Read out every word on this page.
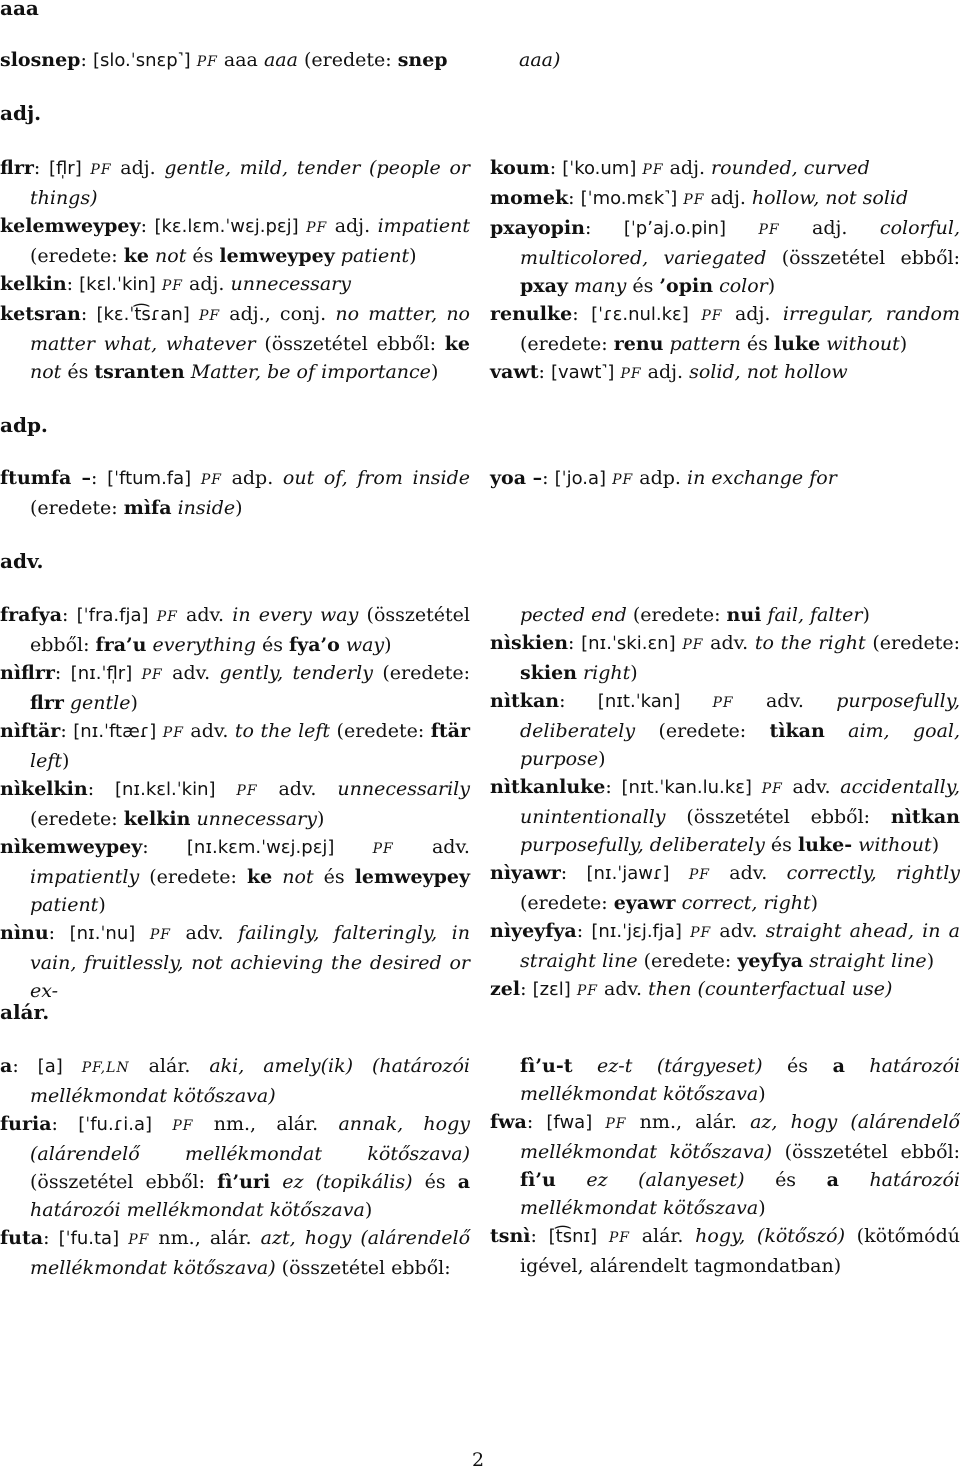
aaa
slosnep: [slo.ˈsnɛp˺] PF aaa aaa (eredete: snep	aaa)
adj.

flrr: [fl̩r] PF adj. gentle, mild, tender (people or things)

kelemweypey: [kɛ.lɛm.ˈwɛj.pɛj] PF adj. impatient (eredete: ke not és lemweypey patient)

kelkin: [kɛl.ˈkin] PF adj. unnecessary

ketsran: [kɛ.ˈt͡sɾan] PF adj., conj. no matter, no matter what, whatever (összetétel ebből: ke not és tsranten Matter, be of importance)

koum: [ˈko.um] PF adj. rounded, curved

momek: [ˈmo.mɛk˺] PF adj. hollow, not solid

pxayopin: [ˈpʼaj.o.pin] PF adj. colorful, multicolored, variegated (összetétel ebből: pxay many és ’opin color)

renulke: [ˈɾɛ.nul.kɛ] PF adj. irregular, random (eredete: renu pattern és luke without)

vawt: [vawt˺] PF adj. solid, not hollow

adp.

ftumfa –: [ˈftum.fa] PF adp. out of, from inside (eredete: mìfa inside)

yoa –: [ˈjo.a] PF adp. in exchange for

adv.

frafya: [ˈfra.fja] PF adv. in every way (összetétel ebből: fra’u everything és fya’o way)

nìflrr: [nɪ.ˈfl̩r] PF adv. gently, tenderly (eredete: flrr gentle)

nìftär: [nɪ.ˈftæɾ] PF adv. to the left (eredete: ftär left)

nìkelkin: [nɪ.kɛl.ˈkin] PF adv. unnecessarily (eredete: kelkin unnecessary)

nìkemweypey: [nɪ.kɛm.ˈwɛj.pɛj]	PF adv. impatiently (eredete: ke not és lemweypey patient)

nìnu: [nɪ.ˈnu] PF adv. failingly, falteringly, in vain, fruitlessly, not achieving the desired or ex-

pected end (eredete: nui fail, falter)

nìskien: [nɪ.ˈski.ɛn] PF adv. to the right (eredete: skien right)

nìtkan: [nɪt.ˈkan] PF adv. purposefully, deliberately (eredete: tìkan aim, goal, purpose)

nìtkanluke: [nɪt.ˈkan.lu.kɛ] PF adv. accidentally, unintentionally (összetétel ebből: nìtkan purposefully, deliberately és luke- without)

nìyawr: [nɪ.ˈjawɾ] PF adv. correctly, rightly (eredete: eyawr correct, right)

nìyeyfya: [nɪ.ˈjɛj.fja] PF adv. straight ahead, in a straight line (eredete: yeyfya straight line)

zel: [zɛl] PF adv. then (counterfactual use)

alár.

a: [a] PF,LN alár. aki, amely(ik) (határozói mellékmondat kötőszava)

furia: [ˈfu.ɾi.a] PF nm., alár. annak, hogy (alárendelő mellékmondat kötőszava) (összetétel ebből: fì’uri ez (topikális) és a határozói mellékmondat kötőszava)

futa: [ˈfu.ta] PF nm., alár. azt, hogy (alárendelő mellékmondat kötőszava) (összetétel ebből:

fì’u-t ez-t (tárgyeset) és a határozói mellékmondat kötőszava)

fwa: [fwa] PF nm., alár. az, hogy (alárendelő mellékmondat kötőszava) (összetétel ebből: fì’u ez (alanyeset) és a határozói mellékmondat kötőszava)

tsnì: [t͡snɪ] PF alár. hogy, (kötőszó) (kötőmódú igével, alárendelt tagmondatban)

2
